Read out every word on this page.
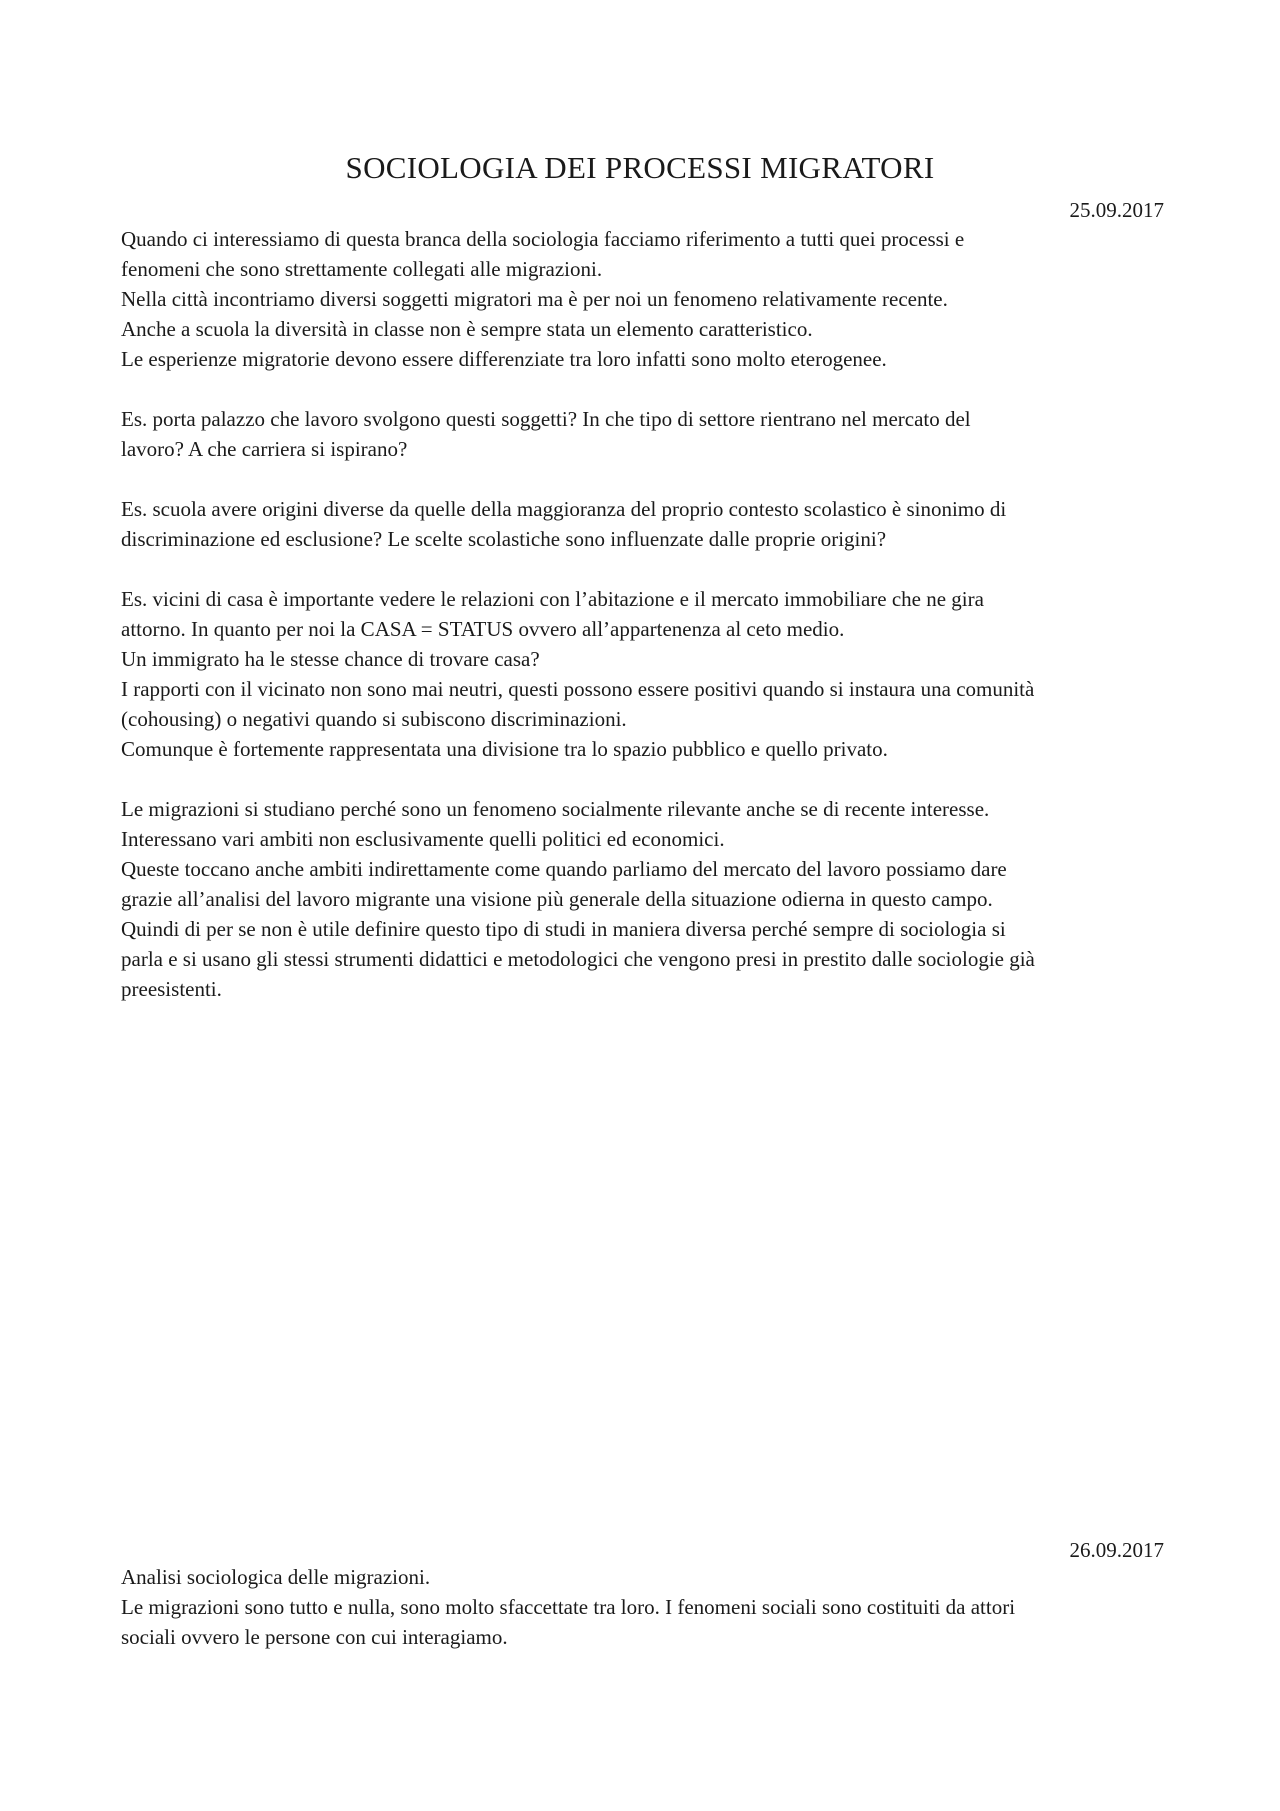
SOCIOLOGIA DEI PROCESSI MIGRATORI
25.09.2017
Quando ci interessiamo di questa branca della sociologia facciamo riferimento a tutti quei processi e
fenomeni che sono strettamente collegati alle migrazioni.
Nella città incontriamo diversi soggetti migratori ma è per noi un fenomeno relativamente recente.
Anche a scuola la diversità in classe non è sempre stata un elemento caratteristico.
Le esperienze migratorie devono essere differenziate tra loro infatti sono molto eterogenee.
Es. porta palazzo che lavoro svolgono questi soggetti? In che tipo di settore rientrano nel mercato del
lavoro? A che carriera si ispirano?
Es. scuola avere origini diverse da quelle della maggioranza del proprio contesto scolastico è sinonimo di
discriminazione ed esclusione? Le scelte scolastiche sono influenzate dalle proprie origini?
Es. vicini di casa è importante vedere le relazioni con l’abitazione e il mercato immobiliare che ne gira
attorno. In quanto per noi la CASA = STATUS ovvero all’appartenenza al ceto medio.
Un immigrato ha le stesse chance di trovare casa?
I rapporti con il vicinato non sono mai neutri, questi possono essere positivi quando si instaura una comunità
(cohousing) o negativi quando si subiscono discriminazioni.
Comunque è fortemente rappresentata una divisione tra lo spazio pubblico e quello privato.
Le migrazioni si studiano perché sono un fenomeno socialmente rilevante anche se di recente interesse.
Interessano vari ambiti non esclusivamente quelli politici ed economici.
Queste toccano anche ambiti indirettamente come quando parliamo del mercato del lavoro possiamo dare
grazie all’analisi del lavoro migrante una visione più generale della situazione odierna in questo campo.
Quindi di per se non è utile definire questo tipo di studi in maniera diversa perché sempre di sociologia si
parla e si usano gli stessi strumenti didattici e metodologici che vengono presi in prestito dalle sociologie già
preesistenti.
26.09.2017
Analisi sociologica delle migrazioni.
Le migrazioni sono tutto e nulla, sono molto sfaccettate tra loro. I fenomeni sociali sono costituiti da attori
sociali ovvero le persone con cui interagiamo.
